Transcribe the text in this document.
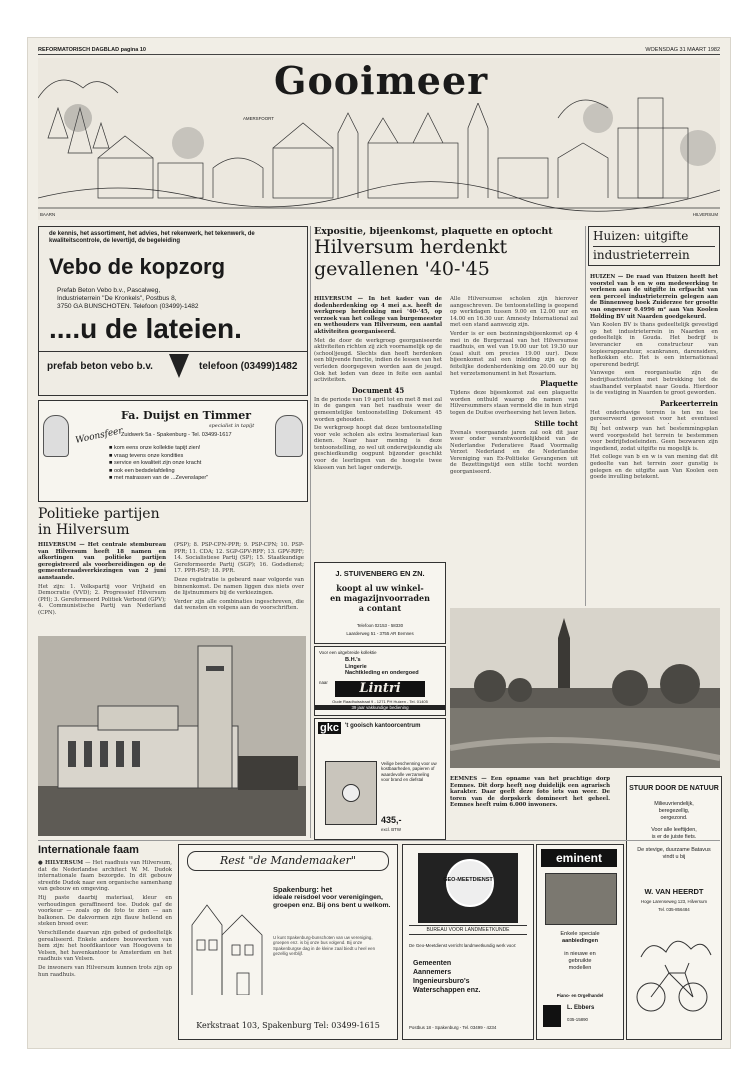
REFORMATORISCH DAGBLAD pagina 10	WOENSDAG 31 MAART 1982
Gooimeer
BAARN	HILVERSUM
AMERSFOORT
de kennis, het assortiment, het advies, het rekenwerk, het tekenwerk, de kwaliteitscontrole, de levertijd, de begeleiding
Vebo de kopzorg
Prefab Beton Vebo b.v., Pascalweg,
Industrieterrein "De Kronkels", Postbus 8,
3750 GA BUNSCHOTEN. Telefoon (03499)-1482
....u de lateien.
prefab beton vebo b.v.	telefoon (03499)1482
Fa. Duijst en Timmer
specialist in tapijt
Zuidwerk 5a - Spakenburg - Tel. 03499-1617
Woonsfeer
■ kom eens onze kollektie tapijt zien!
■ vraag tevens onze kondities
■ service en kwaliteit zijn onze kracht
■ ook een bedsdelafdeling
■ met matrassen van de ...Zevenslaper"
Expositie, bijeenkomst, plaquette en optocht
Hilversum herdenkt
gevallenen '40-'45

HILVERSUM — In het kader van de dodenherdenking op 4 mei a.s. heeft de werkgroep herdenking mei '40-'45, op verzoek van het college van burgemeester en wethouders van Hilversum, een aantal aktiviteiten georganiseerd.

Met de door de werkgroep georganiseerde aktiviteiten richten zij zich voornamelijk op de (school)jeugd. Slechts dan heeft herdenken een blijvende functie, indien de lessen van het verleden doorgegeven worden aan de jeugd. Ook het leden van deze in feite een aantal activiteiten.

Document 45

In de periode van 19 april tot en met 8 mei zal in de gangen van het raadhuis weer de gemeentelijke tentoonstelling Dokument 45 worden gehouden.

De werkgroep hoopt dat deze tentoonstelling voor vele scholen als extra lesmateriaal kan dienen. Naar haar mening is deze tentoonstelling, zo wel uit onderwijskundig als geschiedkundig oogpunt bijzonder geschikt voor de leerlingen van de hoogste twee klassen van het lager onderwijs.

Alle Hilversumse scholen zijn hierover aangeschreven. De tentoonstelling is geopend op werkdagen tussen 9.00 en 12.00 uur en 14.00 en 16.30 uur. Amnesty International zal met een stand aanwezig zijn.

Verder is er een bezinningsbijeenkomst op 4 mei in de Burgerzaal van het Hilversumse raadhuis, en wel van 19.00 uur tot 19.30 uur (zaal sluit om precies 19.00 uur). Deze bijeenkomst zal een inleiding zijn op de feitelijke dodenherdenking om 20.00 uur bij het verzetsmonument in het Rosarium.

Plaquette

Tijdens deze bijeenkomst zal een plaquette worden onthuld waarop de namen van Hilversummers staan vermeld die in hun strijd tegen de Duitse overheersing het leven lieten.

Stille tocht

Evenals voorgaande jaren zal ook dit jaar weer onder verantwoordelijkheid van de Nederlandse Federatieve Raad Voormalig Verzet Nederland en de Nederlandse Vereniging van Ex-Politieke Gevangenen uit de Bezettingstijd een stille tocht worden georganiseerd.

Huizen: uitgifte
industrieterrein

HUIZEN — De raad van Huizen heeft het voorstel van b en w om medewerking te verlenen aan de uitgifte in erfpacht van een perceel industrieterrein gelegen aan de Binnenweg hoek Zuiderzee ter grootte van ongeveer 0.4996 m² aan Van Koolen Holding BV uit Naarden goedgekeurd.

Van Koolen BV is thans gedeeltelijk gevestigd op het industrieterrein in Naarden en gedeeltelijk in Gouda. Het bedrijf is leverancier en constructeur van kopieerapparatuur, scankranen, darensiders, hefkokken etc. Het is een internationaal opererend bedrijf.

Vanwege een reorganisatie zijn de bedrijfsactiviteiten met betrekking tot de staalhandel verplaatst naar Gouda. Hierdoor is de vestiging in Naarden te groot geworden.

Parkeerterrein

Het onderhavige terrein is ten nu toe gereserveerd geweest voor het eventueel

Bij het ontwerp van het bestemmingsplan werd voorgesteld het terrein te bestemmen voor bedrijfsdoeleinden. Geen bezwaren zijn ingediend, zodat uitgifte nu mogelijk is.

Het college van b en w is van mening dat dit gedeelte van het terrein zeer gunstig is gelegen en de uitgifte aan Van Koolen een goede invulling betekent.

Politieke partijen
in Hilversum

HILVERSUM — Het centrale stembureau van Hilversum heeft 18 namen en afkortingen van politieke partijen geregistreerd als voorbereidingen op de gemeenteraadsverkiezingen van 2 juni aanstaande.

Het zijn: 1. Volkspartij voor Vrijheid en Democratie (VVD); 2. Progressief Hilversum (PH); 3. Gereformeerd Politiek Verbond (GPV); 4. Communistische Partij van Nederland (CPN).

(PSP); 8. PSP-CPN-PPR; 9. PSP-CPN; 10. PSP-PPR; 11. CDA; 12. SGP-GPV-RPF; 13. GPV-RPF; 14. Socialistiese Partij (SP); 15. Staatkundige Gereformeerde Partij (SGP); 16. Godsdienst; 17. PPR-PSP; 18. PPR.

Deze registratie is gebeurd naar volgorde van binnenkomst. De namen liggen dus niets over de lijstnummers bij de verkiezingen.

Verder zijn alle combinaties ingeschreven, die dat wensten en volgens aan de voorschriften.

J. STUIVENBERG EN ZN.
koopt al uw winkel-
en magazijnvoorraden
a contant
Telefoon 02153 - 58330
Laarderweg 51 - 3755 AR Eemnes
Voor een uitgebreide kollektie
B.H.'s
Lingerie
Nachtkleding en ondergoed
naar	Lintri
Oude Raadhuisstraat 9 - 1271 PH Huizen - Tel. 01405
39 jaar vakkundige bediening
gkc	't gooisch kantoorcentrum
Veilige beschenning voor uw kostbaarheden, papieren of waardevolle verzameling voor brand en diefstal
435,-
excl. BTW
EEMNES — Een opname van het prachtige dorp Eemnes. Dit dorp heeft nog duidelijk een agrarisch karakter. Daar geeft deze foto iets van weer. De toren van de dorpskerk domineert het geheel. Eemnes heeft ruim 6.000 inwoners.
Internationale faam

● HILVERSUM — Het raadhuis van Hilversum, dat de Nederlandse architect W. M. Dudok internationale faam bezorgde. In dit gebouw streefde Dudok naar een organische samenhang van gebouw en omgeving.

Hij paste daarbij materiaal, kleur en verhoudingen geraffineerd toe. Dudok gaf de voorkeur — zoals op de foto te zien — aan balkonen. De dakvormen zijn flauw hellend en steken breed over.

Verschillende daarvan zijn gebed of gedeeltelijk gerealiseerd. Enkele andere bouwwerken van hem zijn: het hoofdkantoor van Hoogovens te Velsen, het havenkantoor te Amsterdam en het raadhuis van Velsen.

De inwoners van Hilversum kunnen trots zijn op hun raadhuis.

Rest "de Mandemaaker"
Spakenburg: het
ideale reisdoel voor verenigingen, groepen enz. Bij ons bent u welkom.
U kunt Spakenburg-bunschoten van uw vereniging, groepen enz. is bij onze bus volgend. Bij onze Spakenburgse dag in de kleine zaal biedt u heel een gezellig verblijf.
Kerkstraat 103, Spakenburg Tel: 03499-1615
GEO-MEETDIENST
BUREAU VOOR LANDMEETKUNDE
De Geo-Meetdienst verricht landmeetkundig werk voor:
Gemeenten
Aannemers
Ingenieursburo's
Waterschappen enz.
Postbus 18 - Spakenburg - Tel. 03499 - 4234
eminent
Enkele speciale
aanbiedingen
in nieuwe en
gebruikte
modellen
Piano- en Orgelhandel
L. Ebbers
035-15890
STUUR DOOR DE NATUUR
Milieuvriendelijk,
beregezellig,
oergezond.
Voor alle leeftijden,
is er de juiste fiets.
De stevige, duurzame Batavus
vindt u bij
W. VAN HEERDT
Hoge Larenseweg 123, Hilversum
Tel. 035-856484
